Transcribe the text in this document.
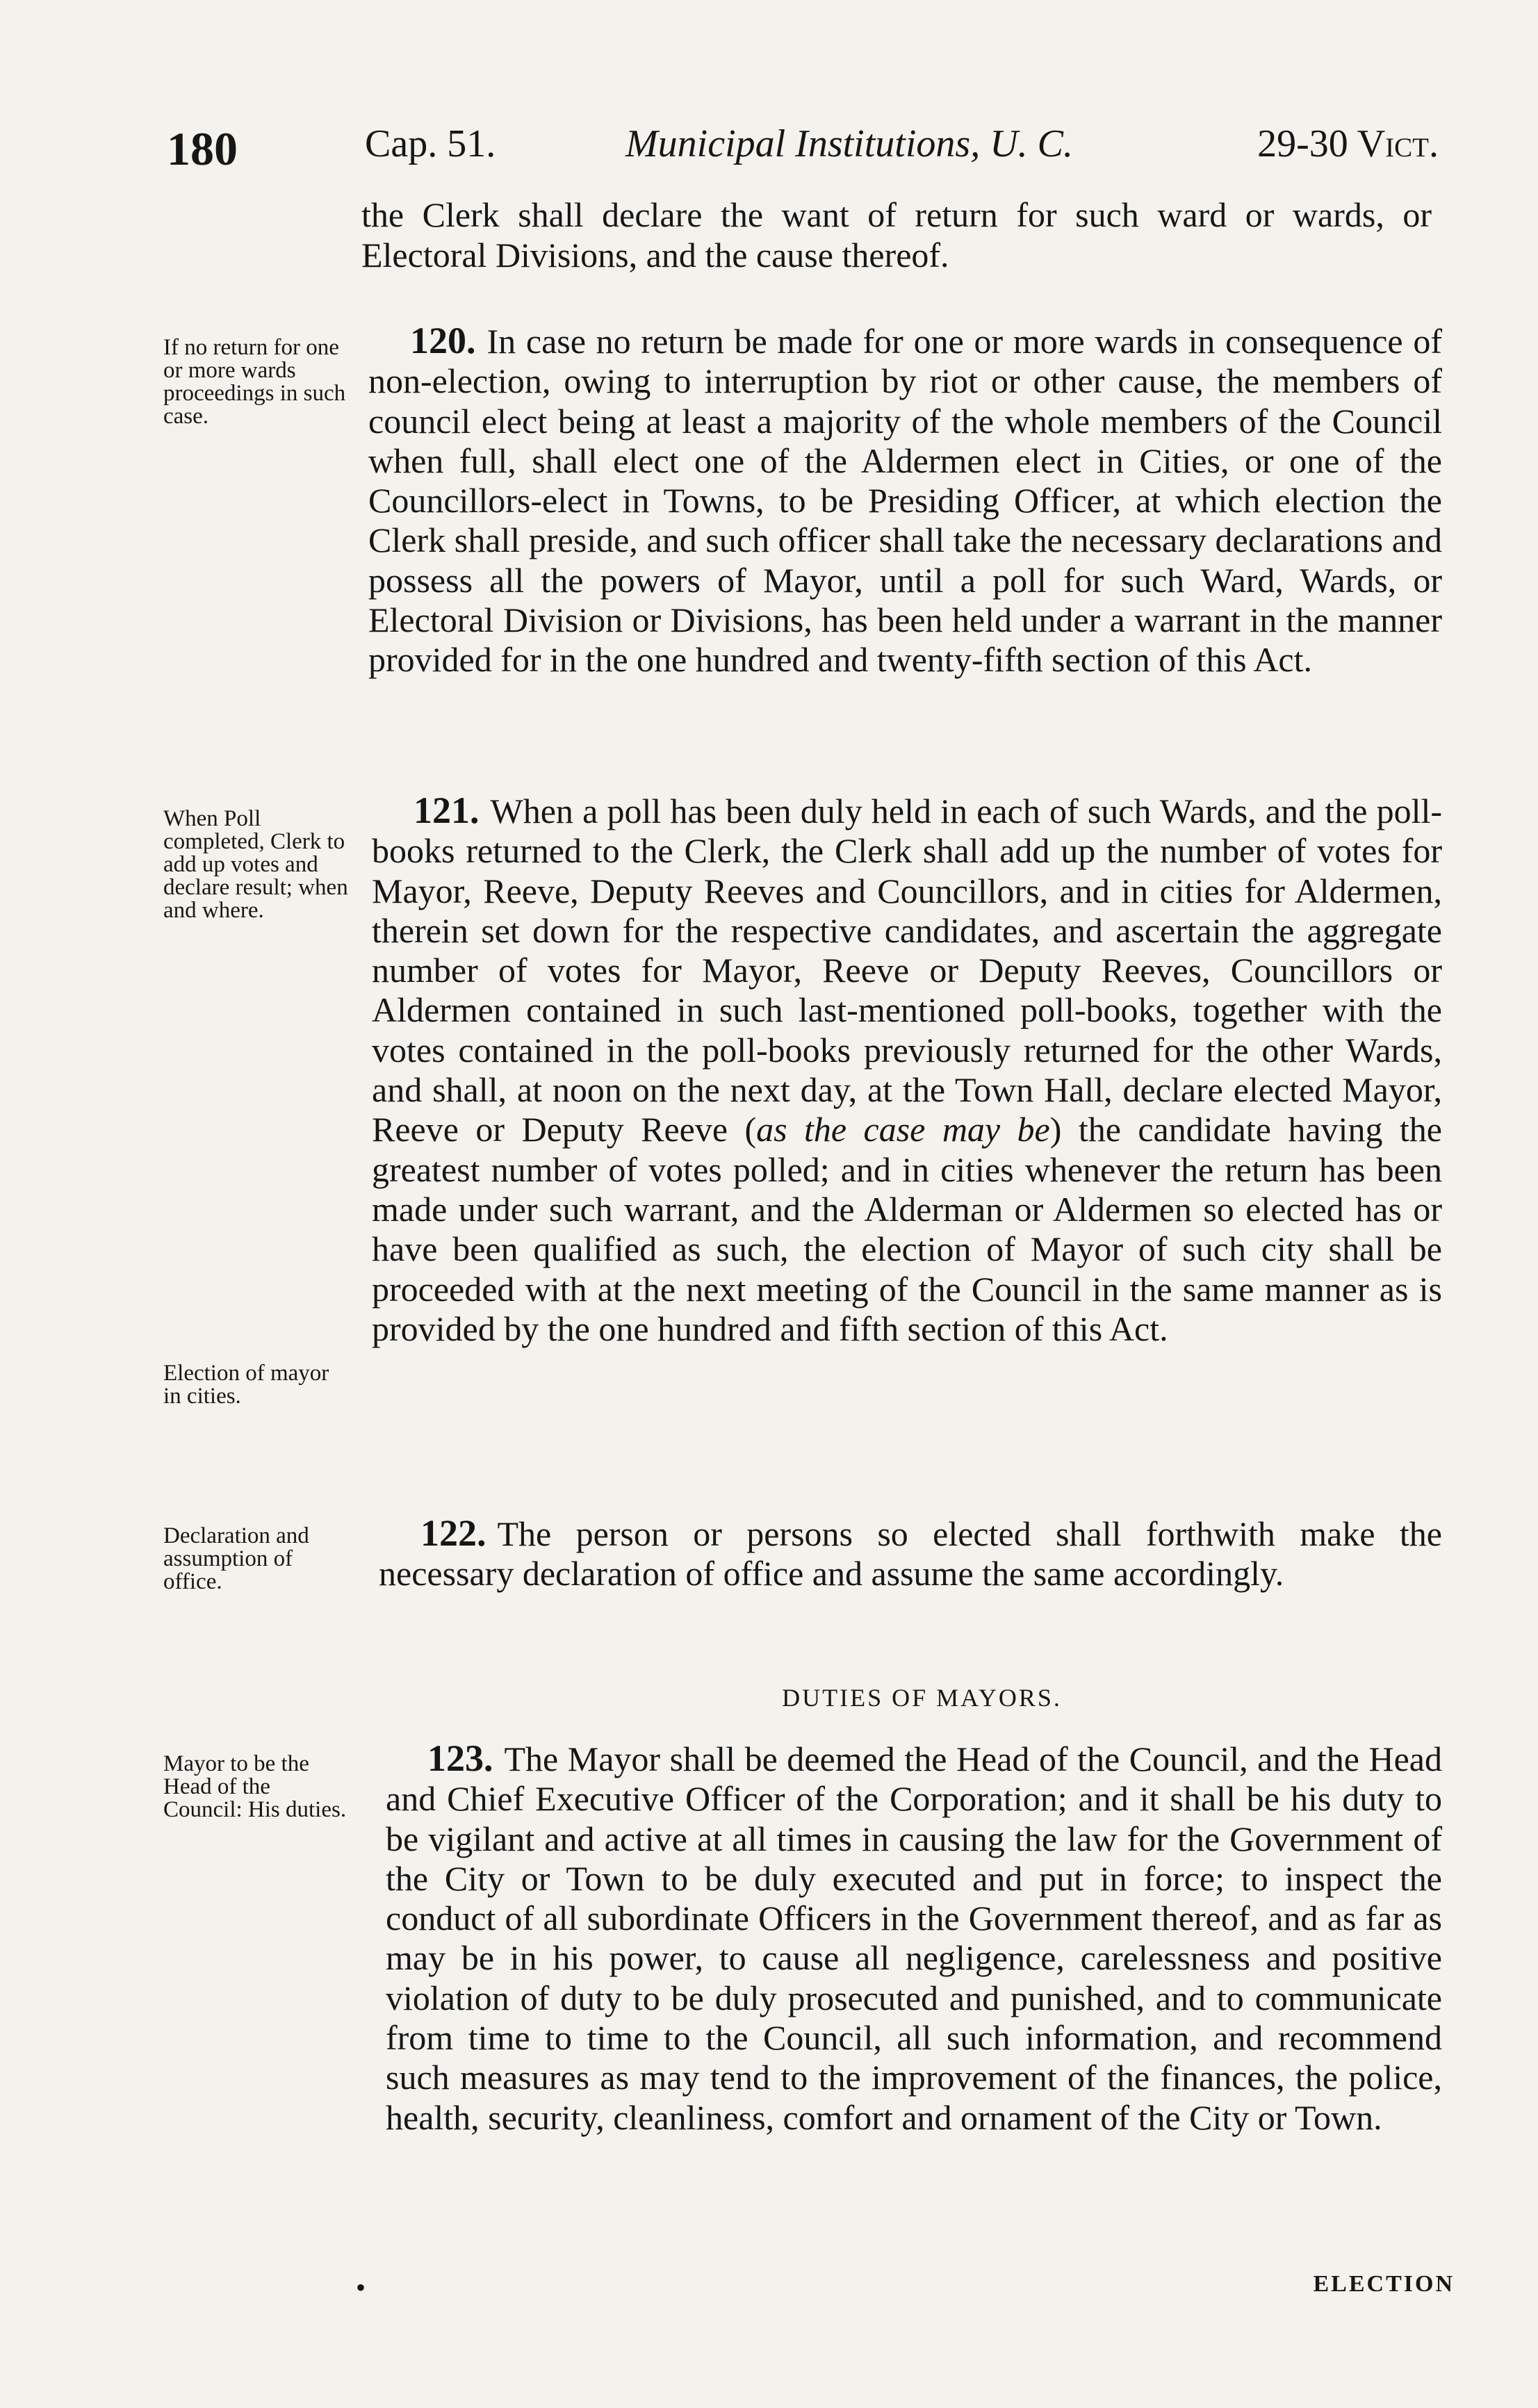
180	Cap. 51.	Municipal Institutions, U. C.	29-30 Vict.
the Clerk shall declare the want of return for such ward or wards, or Electoral Divisions, and the cause thereof.
If no return for one or more wards proceedings in such case.
120. In case no return be made for one or more wards in consequence of non-election, owing to interruption by riot or other cause, the members of council elect being at least a majority of the whole members of the Council when full, shall elect one of the Aldermen elect in Cities, or one of the Councillors-elect in Towns, to be Presiding Officer, at which election the Clerk shall preside, and such officer shall take the necessary declarations and possess all the powers of Mayor, until a poll for such Ward, Wards, or Electoral Division or Divisions, has been held under a warrant in the manner provided for in the one hundred and twenty-fifth section of this Act.
When Poll completed, Clerk to add up votes and declare result; when and where.
Election of mayor in cities.
121. When a poll has been duly held in each of such Wards, and the poll-books returned to the Clerk, the Clerk shall add up the number of votes for Mayor, Reeve, Deputy Reeves and Councillors, and in cities for Aldermen, therein set down for the respective candidates, and ascertain the aggregate number of votes for Mayor, Reeve or Deputy Reeves, Councillors or Aldermen contained in such last-mentioned poll-books, together with the votes contained in the poll-books previously returned for the other Wards, and shall, at noon on the next day, at the Town Hall, declare elected Mayor, Reeve or Deputy Reeve (as the case may be) the candidate having the greatest number of votes polled; and in cities whenever the return has been made under such warrant, and the Alderman or Aldermen so elected has or have been qualified as such, the election of Mayor of such city shall be proceeded with at the next meeting of the Council in the same manner as is provided by the one hundred and fifth section of this Act.
Declaration and assumption of office.
122. The person or persons so elected shall forthwith make the necessary declaration of office and assume the same accordingly.
DUTIES OF MAYORS.
Mayor to be the Head of the Council: His duties.
123. The Mayor shall be deemed the Head of the Council, and the Head and Chief Executive Officer of the Corporation; and it shall be his duty to be vigilant and active at all times in causing the law for the Government of the City or Town to be duly executed and put in force; to inspect the conduct of all subordinate Officers in the Government thereof, and as far as may be in his power, to cause all negligence, carelessness and positive violation of duty to be duly prosecuted and punished, and to communicate from time to time to the Council, all such information, and recommend such measures as may tend to the improvement of the finances, the police, health, security, cleanliness, comfort and ornament of the City or Town.
•	ELECTION
